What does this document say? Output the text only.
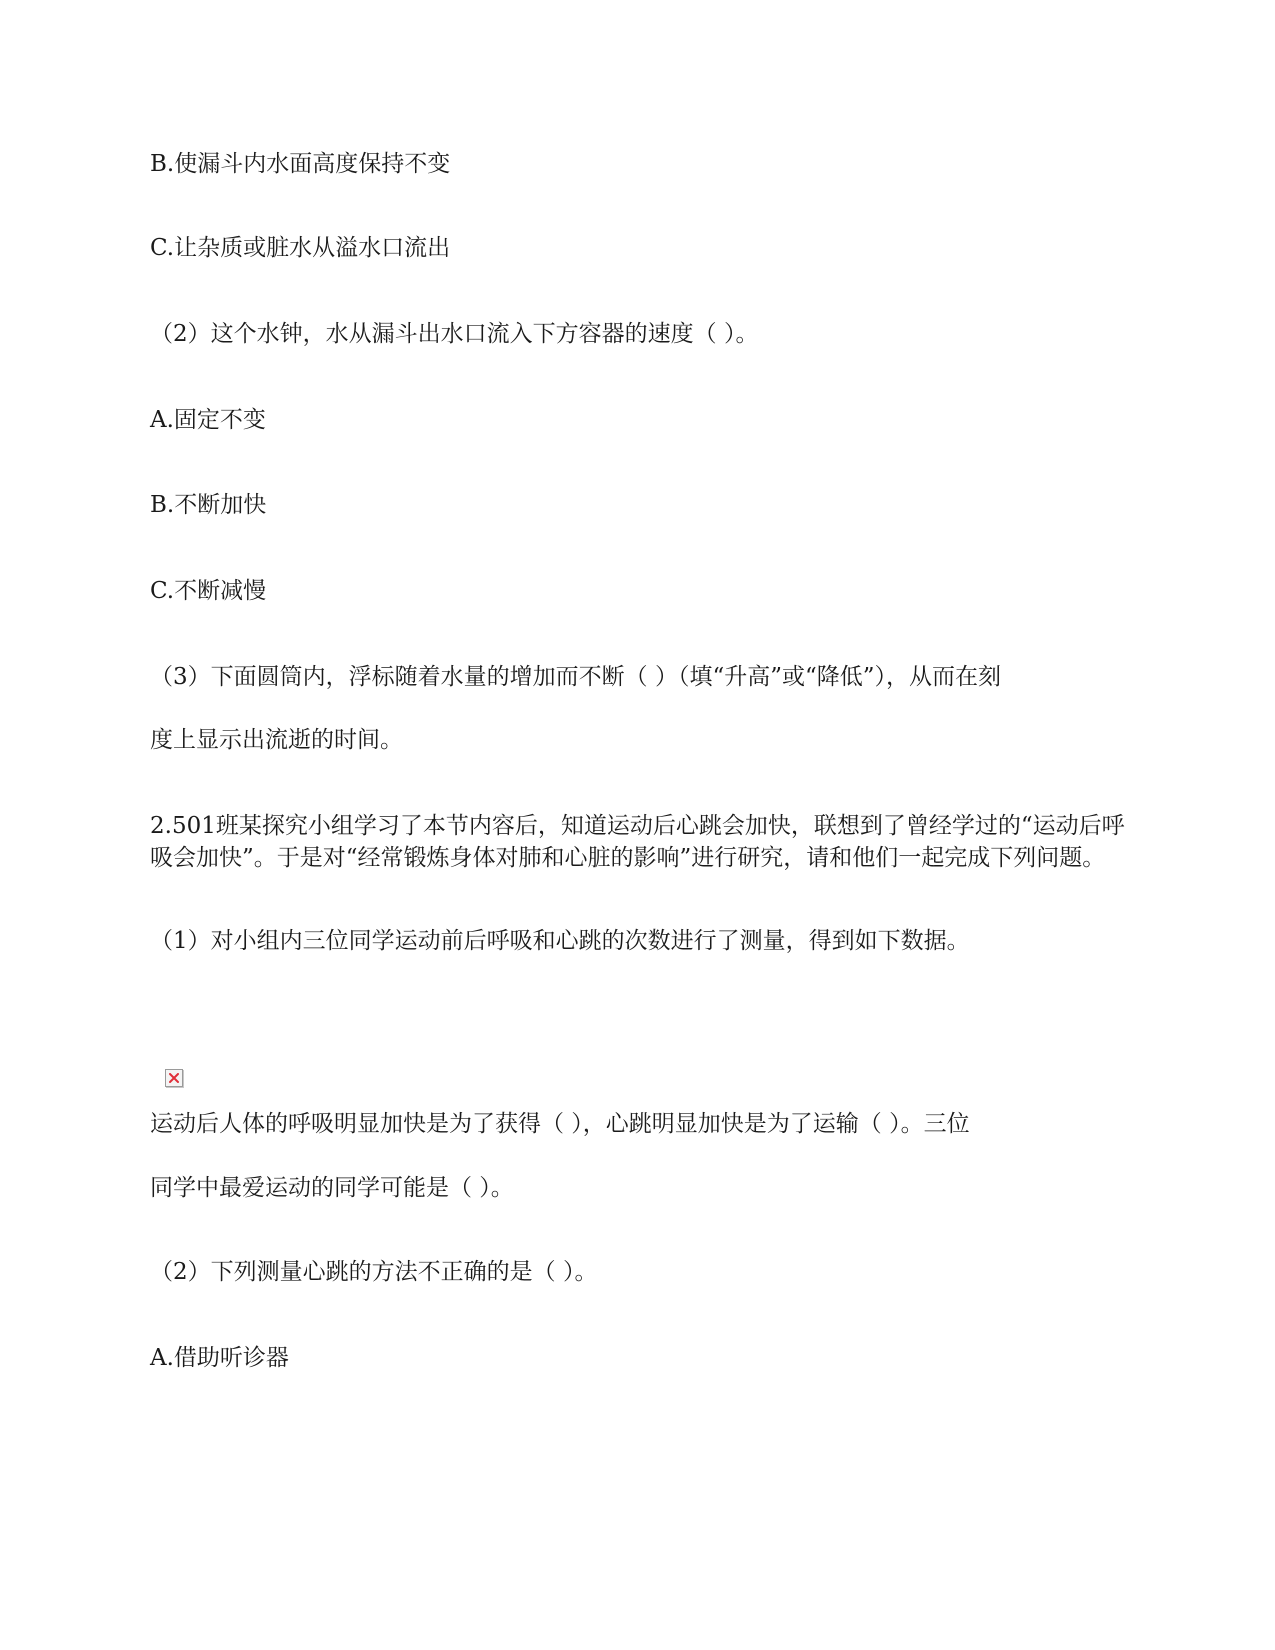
B.使漏斗内水面高度保持不变
C.让杂质或脏水从溢水口流出
（2）这个水钟，水从漏斗出水口流入下方容器的速度（ ）。
A.固定不变
B.不断加快
C.不断减慢
（3）下面圆筒内，浮标随着水量的增加而不断（ ）（填“升高”或“降低”），从而在刻
度上显示出流逝的时间。
2.501班某探究小组学习了本节内容后，知道运动后心跳会加快，联想到了曾经学过的“运动后呼吸会加快”。于是对“经常锻炼身体对肺和心脏的影响”进行研究，请和他们一起完成下列问题。
（1）对小组内三位同学运动前后呼吸和心跳的次数进行了测量，得到如下数据。
运动后人体的呼吸明显加快是为了获得（ ），心跳明显加快是为了运输（ ）。三位
同学中最爱运动的同学可能是（ ）。
（2）下列测量心跳的方法不正确的是（ ）。
A.借助听诊器
